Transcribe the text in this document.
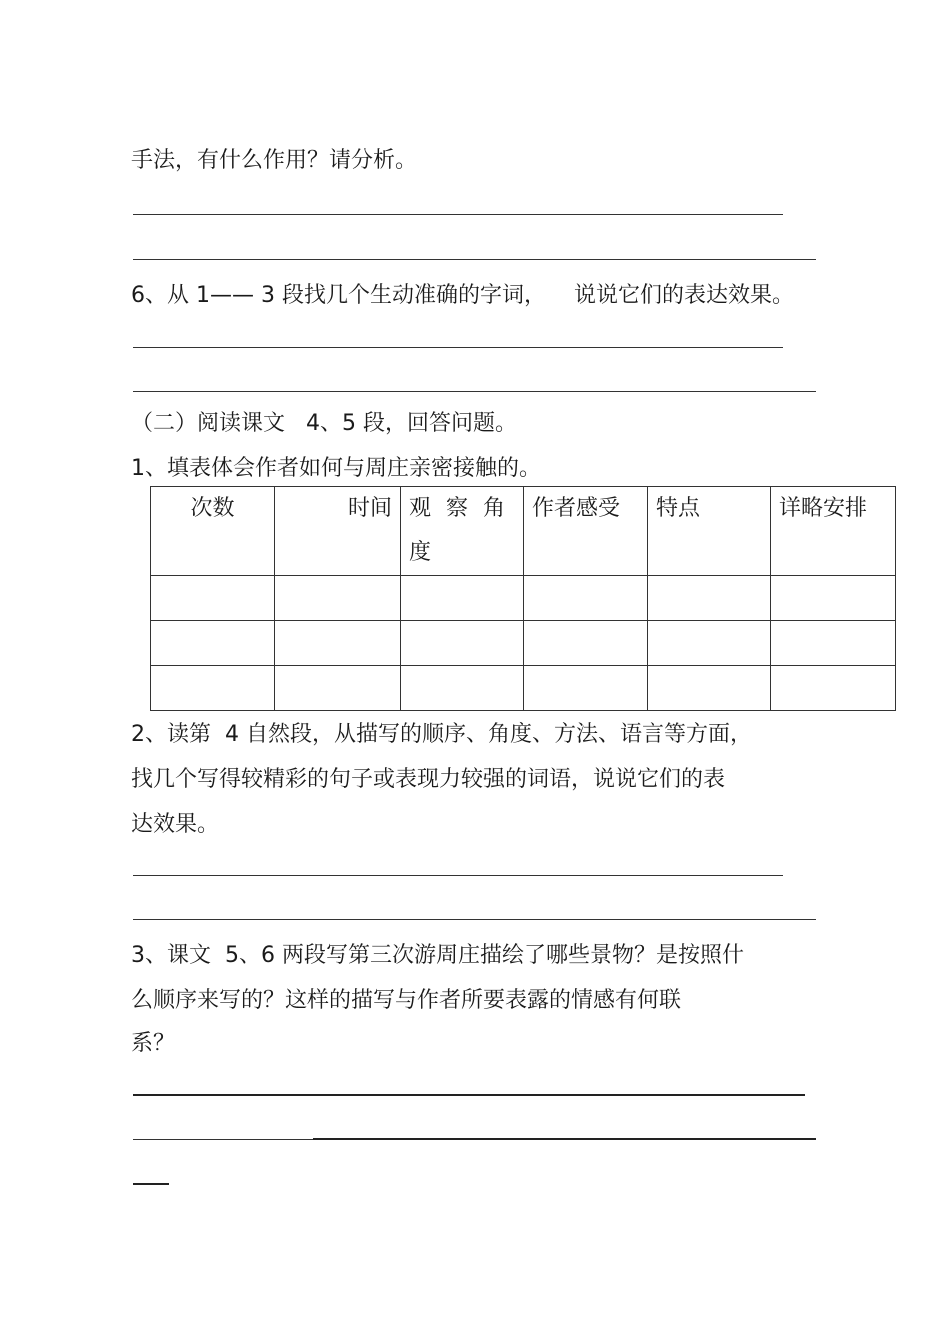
手法，有什么作用？请分析。

6、从 1—— 3 段找几个生动准确的字词，    说说它们的表达效果。

（二）阅读课文   4、5 段，回答问题。

1、填表体会作者如何与周庄亲密接触的。

次数	时间	观 察 角 度	作者感受	特点	详略安排

2、读第  4 自然段，从描写的顺序、角度、方法、语言等方面，

找几个写得较精彩的句子或表现力较强的词语，说说它们的表

达效果。

3、课文  5、6 两段写第三次游周庄描绘了哪些景物？是按照什

么顺序来写的？这样的描写与作者所要表露的情感有何联

系？
